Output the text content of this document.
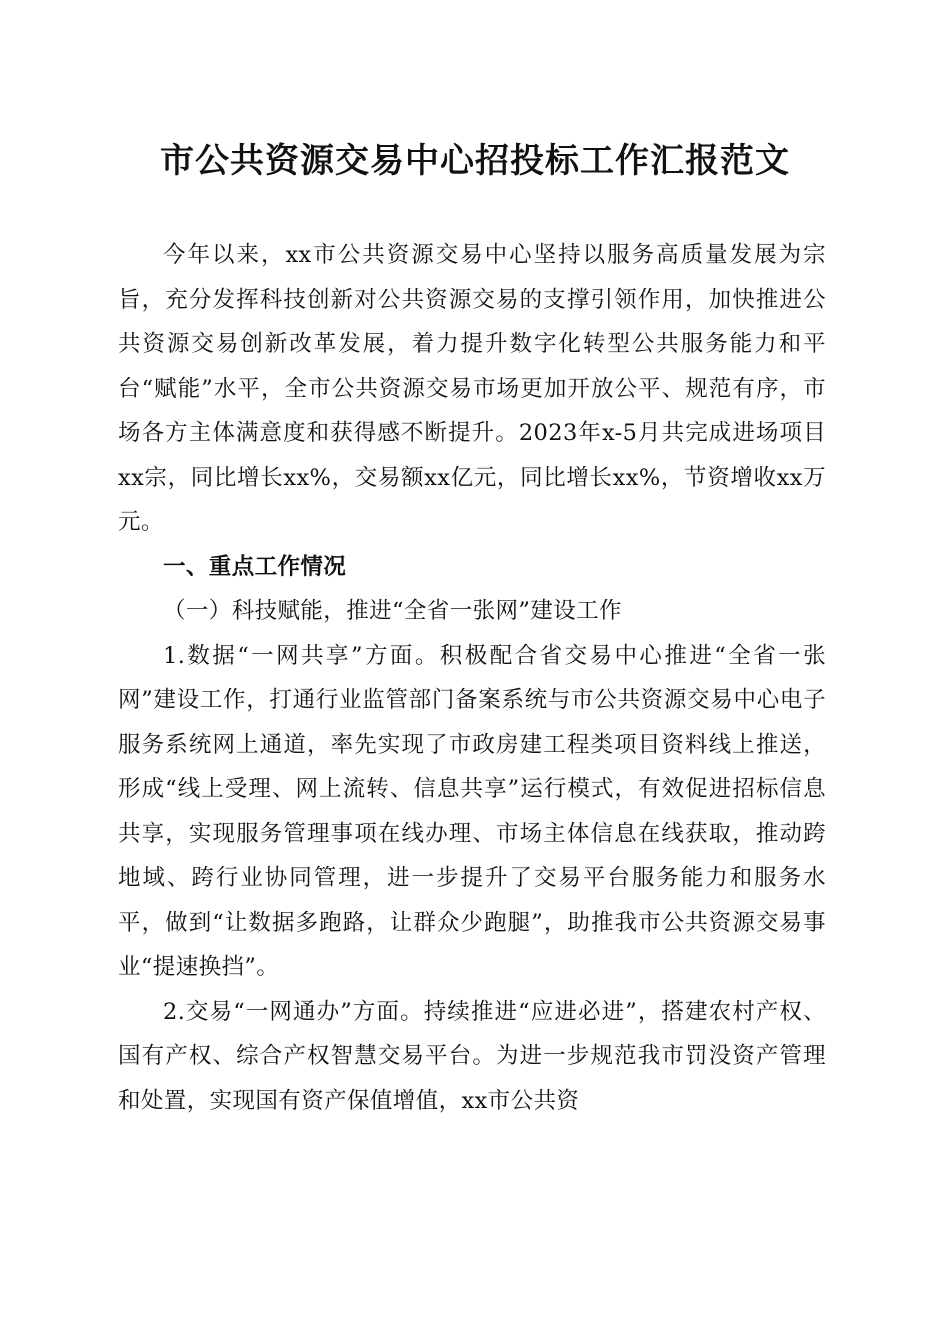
市公共资源交易中心招投标工作汇报范文

今年以来，xx市公共资源交易中心坚持以服务高质量发展为宗旨，充分发挥科技创新对公共资源交易的支撑引领作用，加快推进公共资源交易创新改革发展，着力提升数字化转型公共服务能力和平台“赋能”水平，全市公共资源交易市场更加开放公平、规范有序，市场各方主体满意度和获得感不断提升。2023年x-5月共完成进场项目xx宗，同比增长xx%，交易额xx亿元，同比增长xx%，节资增收xx万元。

一、重点工作情况
（一）科技赋能，推进“全省一张网”建设工作

1.数据“一网共享”方面。积极配合省交易中心推进“全省一张网”建设工作，打通行业监管部门备案系统与市公共资源交易中心电子服务系统网上通道，率先实现了市政房建工程类项目资料线上推送，形成“线上受理、网上流转、信息共享”运行模式，有效促进招标信息共享，实现服务管理事项在线办理、市场主体信息在线获取，推动跨地域、跨行业协同管理，进一步提升了交易平台服务能力和服务水平，做到“让数据多跑路，让群众少跑腿”，助推我市公共资源交易事业“提速换挡”。

2.交易“一网通办”方面。持续推进“应进必进”，搭建农村产权、国有产权、综合产权智慧交易平台。为进一步规范我市罚没资产管理和处置，实现国有资产保值增值，xx市公共资
